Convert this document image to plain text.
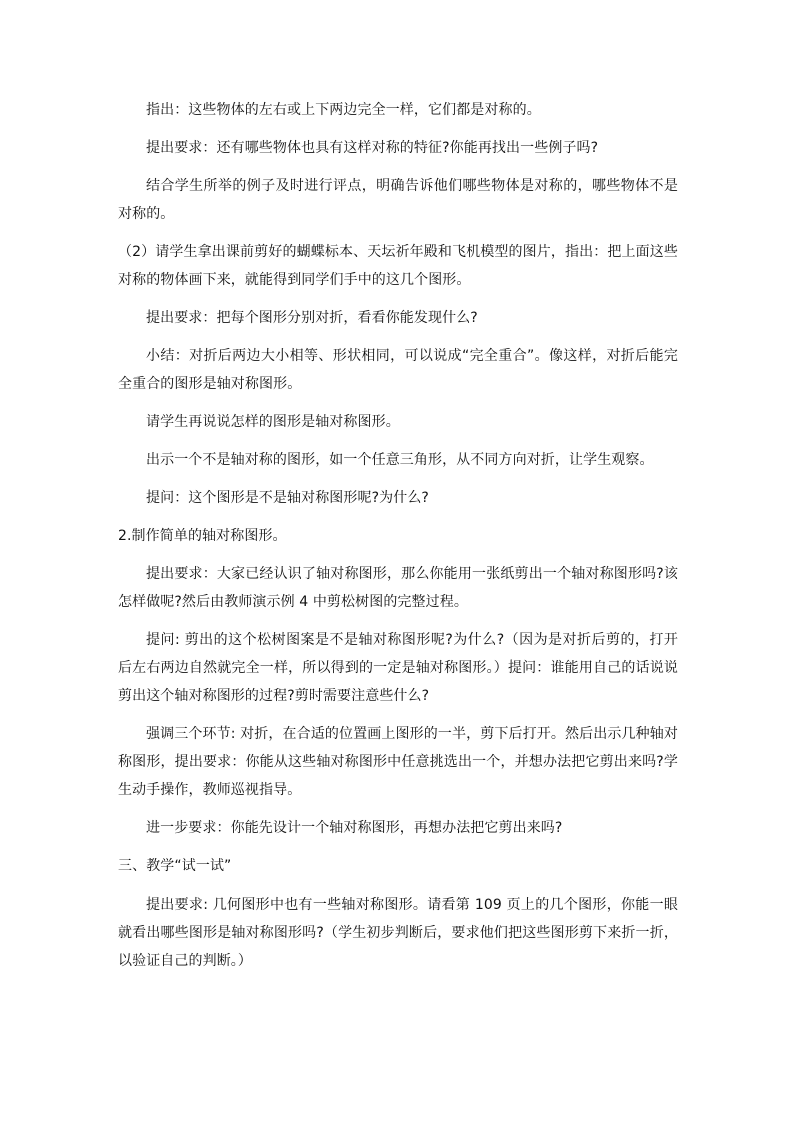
指出：这些物体的左右或上下两边完全一样，它们都是对称的。

提出要求：还有哪些物体也具有这样对称的特征?你能再找出一些例子吗?

结合学生所举的例子及时进行评点，明确告诉他们哪些物体是对称的，哪些物体不是对称的。

（2）请学生拿出课前剪好的蝴蝶标本、天坛祈年殿和飞机模型的图片，指出：把上面这些对称的物体画下来，就能得到同学们手中的这几个图形。

提出要求：把每个图形分别对折，看看你能发现什么?

小结：对折后两边大小相等、形状相同，可以说成“完全重合”。像这样，对折后能完全重合的图形是轴对称图形。

请学生再说说怎样的图形是轴对称图形。

出示一个不是轴对称的图形，如一个任意三角形，从不同方向对折，让学生观察。

提问：这个图形是不是轴对称图形呢?为什么?

2.制作简单的轴对称图形。

提出要求：大家已经认识了轴对称图形，那么你能用一张纸剪出一个轴对称图形吗?该怎样做呢?然后由教师演示例 4 中剪松树图的完整过程。

提问: 剪出的这个松树图案是不是轴对称图形呢?为什么?（因为是对折后剪的，打开后左右两边自然就完全一样，所以得到的一定是轴对称图形。）提问：谁能用自己的话说说剪出这个轴对称图形的过程?剪时需要注意些什么?

强调三个环节: 对折，在合适的位置画上图形的一半，剪下后打开。然后出示几种轴对称图形，提出要求：你能从这些轴对称图形中任意挑选出一个，并想办法把它剪出来吗?学生动手操作，教师巡视指导。

进一步要求：你能先设计一个轴对称图形，再想办法把它剪出来吗?

三、教学“试一试”

提出要求: 几何图形中也有一些轴对称图形。请看第 109 页上的几个图形，你能一眼就看出哪些图形是轴对称图形吗?（学生初步判断后，要求他们把这些图形剪下来折一折，以验证自己的判断。）
